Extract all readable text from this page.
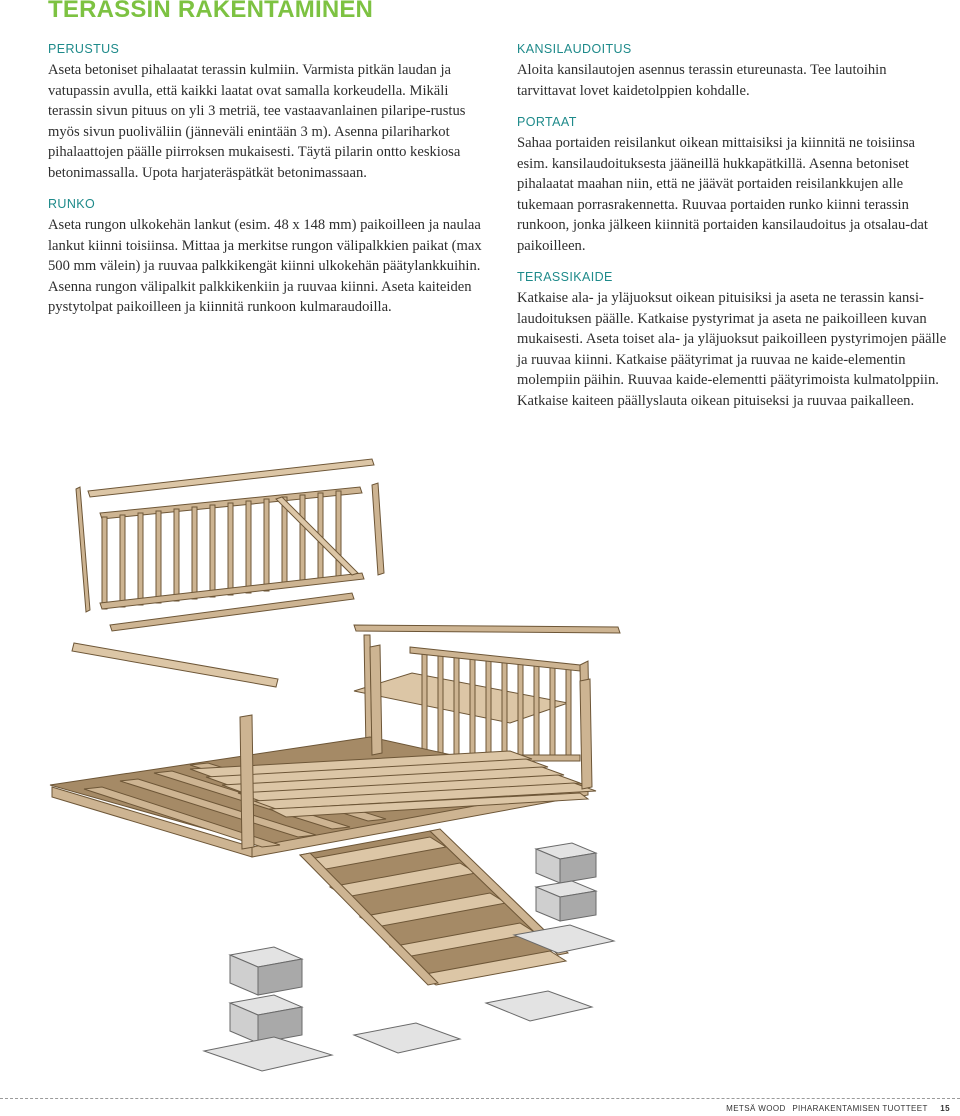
TERASSIN RAKENTAMINEN
PERUSTUS

Aseta betoniset pihalaatat terassin kulmiin. Varmista pitkän laudan ja vatupassin avulla, että kaikki laatat ovat samalla korkeudella. Mikäli terassin sivun pituus on yli 3 metriä, tee vastaavanlainen pilaripe-rustus myös sivun puoliväliin (jänneväli enintään 3 m). Asenna pilariharkot pihalaattojen päälle piirroksen mukaisesti. Täytä pilarin ontto keskiosa betonimassalla. Upota harjateräspätkät betonimassaan.

RUNKO

Aseta rungon ulkokehän lankut (esim. 48 x 148 mm) paikoilleen ja naulaa lankut kiinni toisiinsa. Mittaa ja merkitse rungon välipalkkien paikat (max 500 mm välein) ja ruuvaa palkkikengät kiinni ulkokehän päätylankkuihin. Asenna rungon välipalkit palkkikenkiin ja ruuvaa kiinni. Aseta kaiteiden pystytolpat paikoilleen ja kiinnitä runkoon kulmaraudoilla.

KANSILAUDOITUS

Aloita kansilautojen asennus terassin etureunasta. Tee lautoihin tarvittavat lovet kaidetolppien kohdalle.

PORTAAT

Sahaa portaiden reisilankut oikean mittaisiksi ja kiinnitä ne toisiinsa esim. kansilaudoituksesta jääneillä hukkapätkillä. Asenna betoniset pihalaatat maahan niin, että ne jäävät portaiden reisilankkujen alle tukemaan porrasrakennetta. Ruuvaa portaiden runko kiinni terassin runkoon, jonka jälkeen kiinnitä portaiden kansilaudoitus ja otsalau-dat paikoilleen.

TERASSIKAIDE

Katkaise ala- ja yläjuoksut oikean pituisiksi ja aseta ne terassin kansi-laudoituksen päälle. Katkaise pystyrimat ja aseta ne paikoilleen kuvan mukaisesti. Aseta toiset ala- ja yläjuoksut paikoilleen pystyrimojen päälle ja ruuvaa kiinni. Katkaise päätyrimat ja ruuvaa ne kaide-elementin molempiin päihin. Ruuvaa kaide-elementti päätyrimoista kulmatolppiin. Katkaise kaiteen päällyslauta oikean pituiseksi ja ruuvaa paikalleen.

METSÄ WOOD PIHARAKENTAMISEN TUOTTEET 15
